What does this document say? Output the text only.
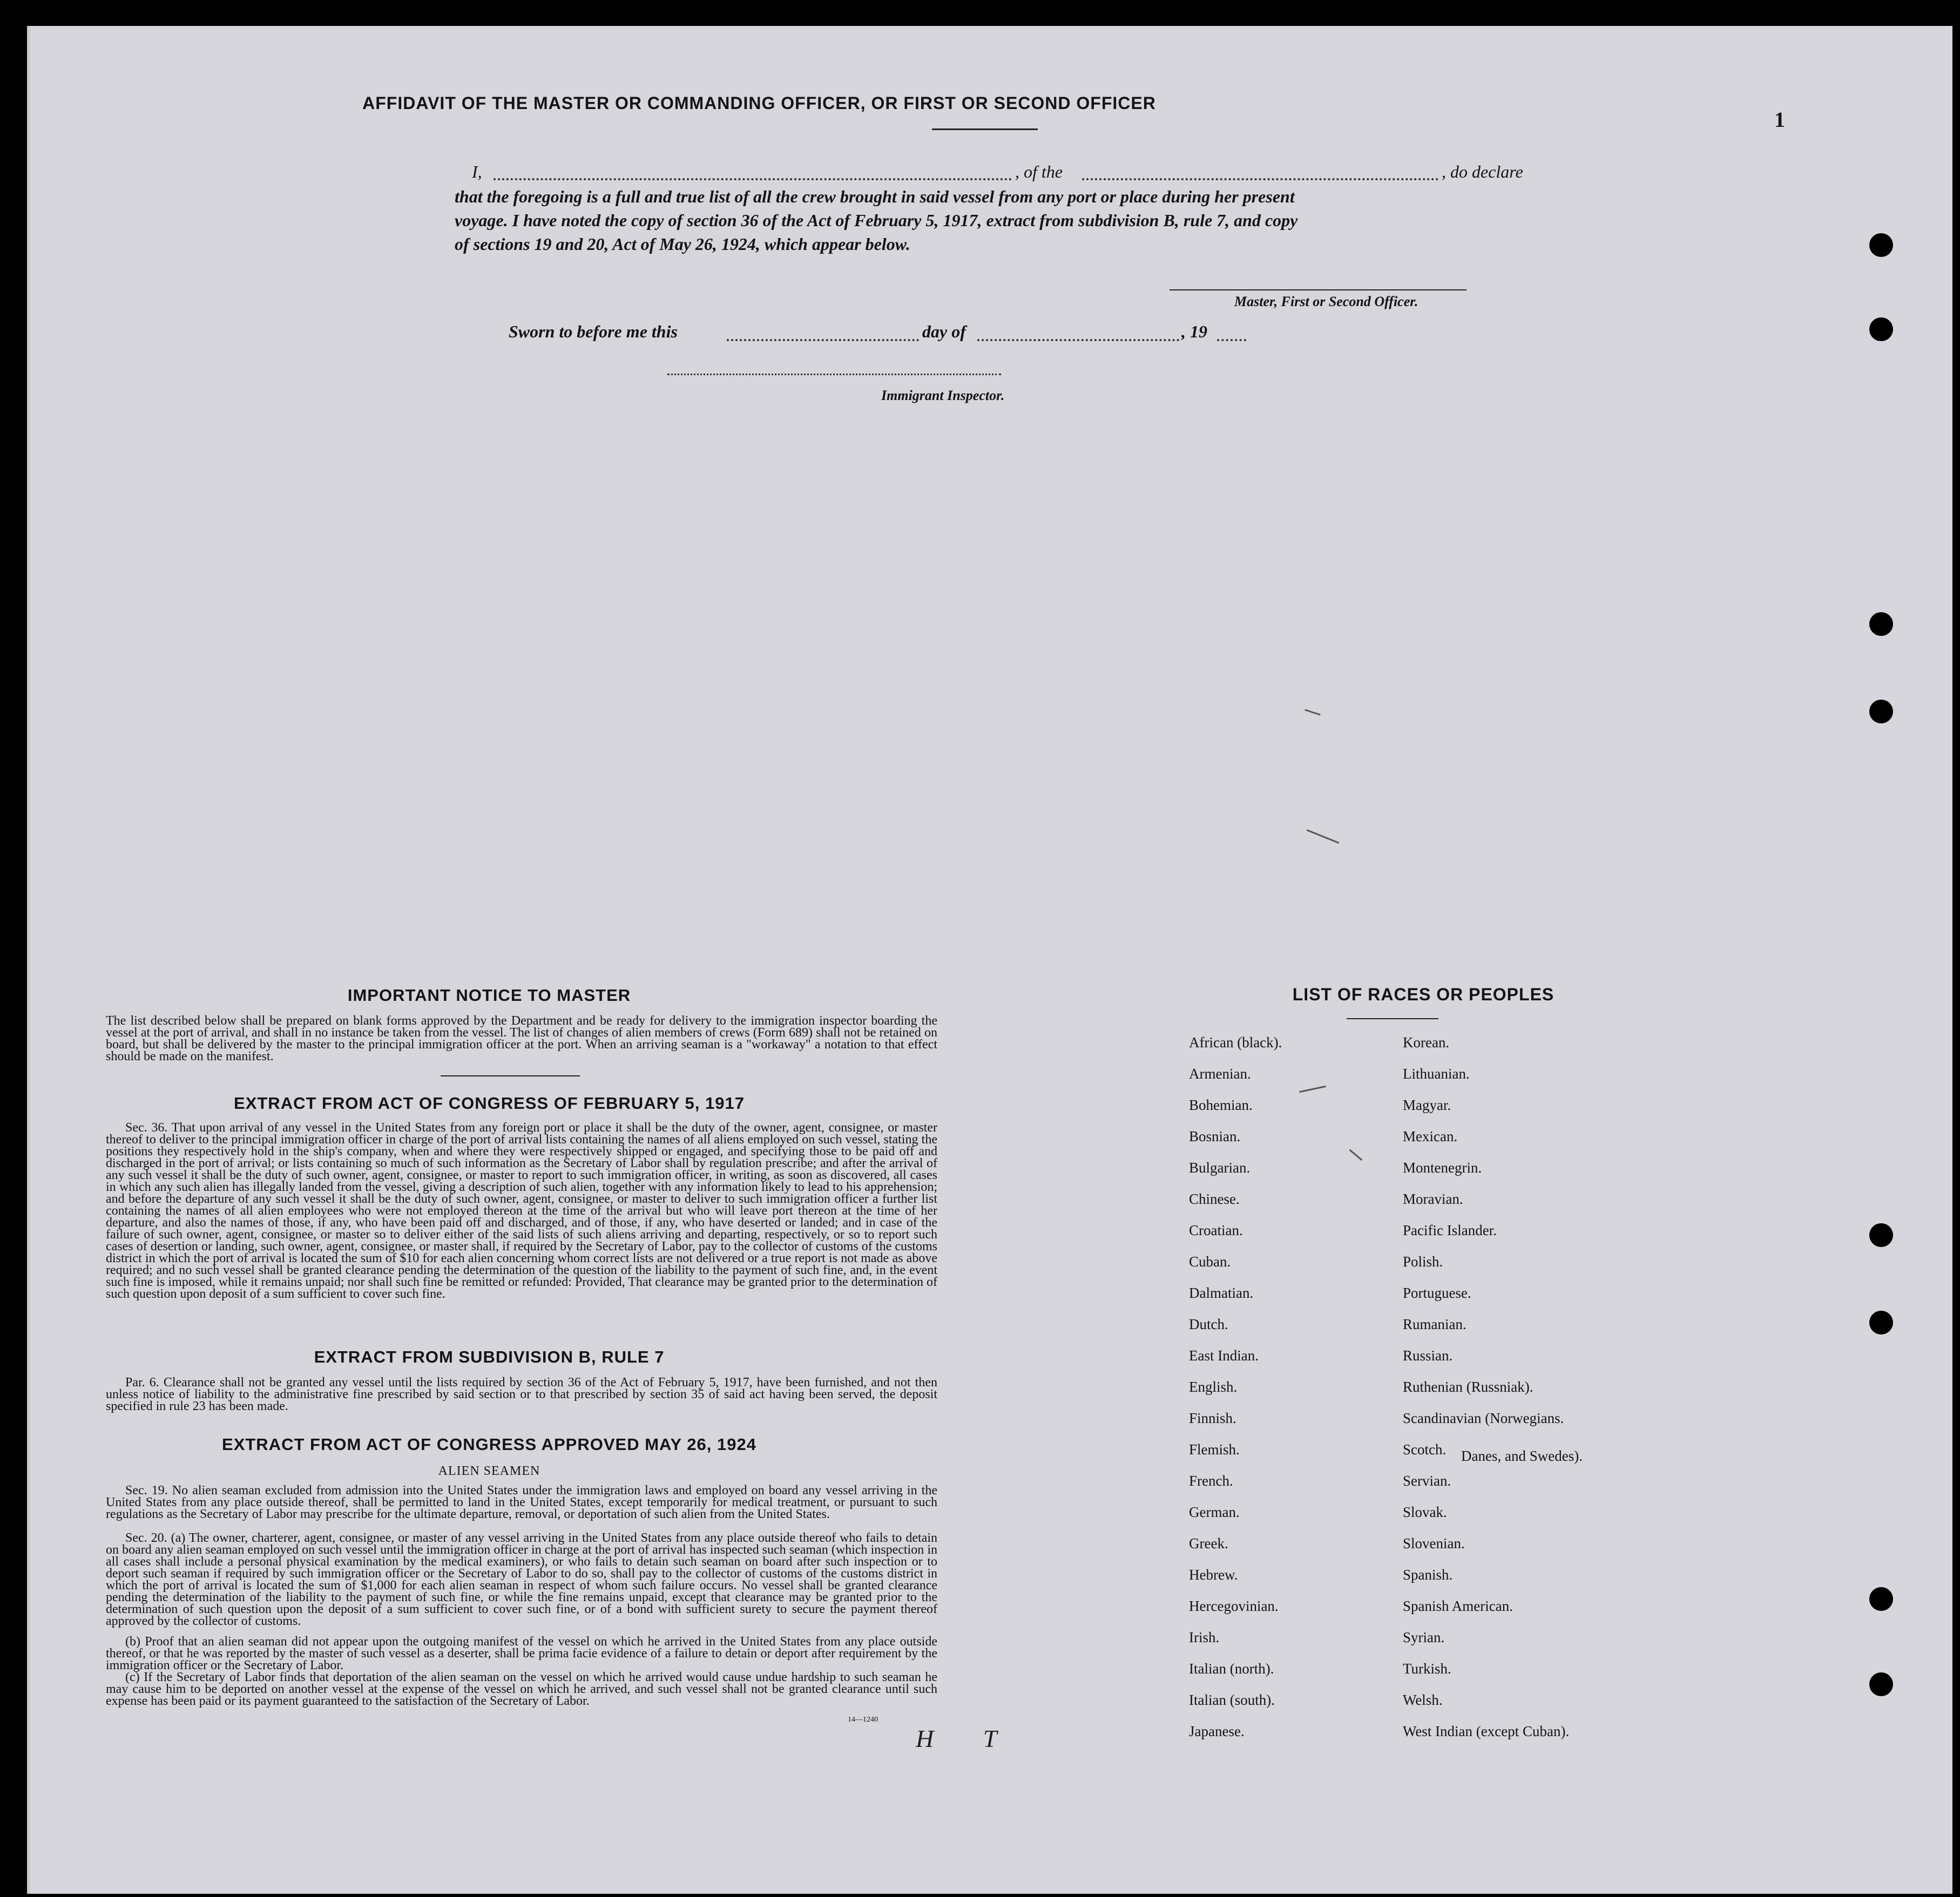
1
AFFIDAVIT OF THE MASTER OR COMMANDING OFFICER, OR FIRST OR SECOND OFFICER
I,	, of the	, do declare
that the foregoing is a full and true list of all the crew brought in said vessel from any port or place during her present
voyage. I have noted the copy of section 36 of the Act of February 5, 1917, extract from subdivision B, rule 7, and copy
of sections 19 and 20, Act of May 26, 1924, which appear below.
Master, First or Second Officer.
Sworn to before me this	day of	, 19
Immigrant Inspector.
IMPORTANT NOTICE TO MASTER
The list described below shall be prepared on blank forms approved by the Department and be ready for delivery to the immigration inspector boarding the vessel at the port of arrival, and shall in no instance be taken from the vessel. The list of changes of alien members of crews (Form 689) shall not be retained on board, but shall be delivered by the master to the principal immigration officer at the port. When an arriving seaman is a "workaway" a notation to that effect should be made on the manifest.
EXTRACT FROM ACT OF CONGRESS OF FEBRUARY 5, 1917
Sec. 36. That upon arrival of any vessel in the United States from any foreign port or place it shall be the duty of the owner, agent, consignee, or master thereof to deliver to the principal immigration officer in charge of the port of arrival lists containing the names of all aliens employed on such vessel, stating the positions they respectively hold in the ship's company, when and where they were respectively shipped or engaged, and specifying those to be paid off and discharged in the port of arrival; or lists containing so much of such information as the Secretary of Labor shall by regulation prescribe; and after the arrival of any such vessel it shall be the duty of such owner, agent, consignee, or master to report to such immigration officer, in writing, as soon as discovered, all cases in which any such alien has illegally landed from the vessel, giving a description of such alien, together with any information likely to lead to his apprehension; and before the departure of any such vessel it shall be the duty of such owner, agent, consignee, or master to deliver to such immigration officer a further list containing the names of all alien employees who were not employed thereon at the time of the arrival but who will leave port thereon at the time of her departure, and also the names of those, if any, who have been paid off and discharged, and of those, if any, who have deserted or landed; and in case of the failure of such owner, agent, consignee, or master so to deliver either of the said lists of such aliens arriving and departing, respectively, or so to report such cases of desertion or landing, such owner, agent, consignee, or master shall, if required by the Secretary of Labor, pay to the collector of customs of the customs district in which the port of arrival is located the sum of $10 for each alien concerning whom correct lists are not delivered or a true report is not made as above required; and no such vessel shall be granted clearance pending the determination of the question of the liability to the payment of such fine, and, in the event such fine is imposed, while it remains unpaid; nor shall such fine be remitted or refunded: Provided, That clearance may be granted prior to the determination of such question upon deposit of a sum sufficient to cover such fine.
EXTRACT FROM SUBDIVISION B, RULE 7
Par. 6. Clearance shall not be granted any vessel until the lists required by section 36 of the Act of February 5, 1917, have been furnished, and not then unless notice of liability to the administrative fine prescribed by said section or to that prescribed by section 35 of said act having been served, the deposit specified in rule 23 has been made.
EXTRACT FROM ACT OF CONGRESS APPROVED MAY 26, 1924
ALIEN SEAMEN
Sec. 19. No alien seaman excluded from admission into the United States under the immigration laws and employed on board any vessel arriving in the United States from any place outside thereof, shall be permitted to land in the United States, except temporarily for medical treatment, or pursuant to such regulations as the Secretary of Labor may prescribe for the ultimate departure, removal, or deportation of such alien from the United States.
Sec. 20. (a) The owner, charterer, agent, consignee, or master of any vessel arriving in the United States from any place outside thereof who fails to detain on board any alien seaman employed on such vessel until the immigration officer in charge at the port of arrival has inspected such seaman (which inspection in all cases shall include a personal physical examination by the medical examiners), or who fails to detain such seaman on board after such inspection or to deport such seaman if required by such immigration officer or the Secretary of Labor to do so, shall pay to the collector of customs of the customs district in which the port of arrival is located the sum of $1,000 for each alien seaman in respect of whom such failure occurs. No vessel shall be granted clearance pending the determination of the liability to the payment of such fine, or while the fine remains unpaid, except that clearance may be granted prior to the determination of such question upon the deposit of a sum sufficient to cover such fine, or of a bond with sufficient surety to secure the payment thereof approved by the collector of customs.
(b) Proof that an alien seaman did not appear upon the outgoing manifest of the vessel on which he arrived in the United States from any place outside thereof, or that he was reported by the master of such vessel as a deserter, shall be prima facie evidence of a failure to detain or deport after requirement by the immigration officer or the Secretary of Labor.
(c) If the Secretary of Labor finds that deportation of the alien seaman on the vessel on which he arrived would cause undue hardship to such seaman he may cause him to be deported on another vessel at the expense of the vessel on which he arrived, and such vessel shall not be granted clearance until such expense has been paid or its payment guaranteed to the satisfaction of the Secretary of Labor.
14—1240
H T
LIST OF RACES OR PEOPLES
Danes, and Swedes).
African (black).
Armenian.
Bohemian.
Bosnian.
Bulgarian.
Chinese.
Croatian.
Cuban.
Dalmatian.
Dutch.
East Indian.
English.
Finnish.
Flemish.
French.
German.
Greek.
Hebrew.
Hercegovinian.
Irish.
Italian (north).
Italian (south).
Japanese.
Korean.
Lithuanian.
Magyar.
Mexican.
Montenegrin.
Moravian.
Pacific Islander.
Polish.
Portuguese.
Rumanian.
Russian.
Ruthenian (Russniak).
Scandinavian (Norwegians.
Scotch.
Servian.
Slovak.
Slovenian.
Spanish.
Spanish American.
Syrian.
Turkish.
Welsh.
West Indian (except Cuban).
